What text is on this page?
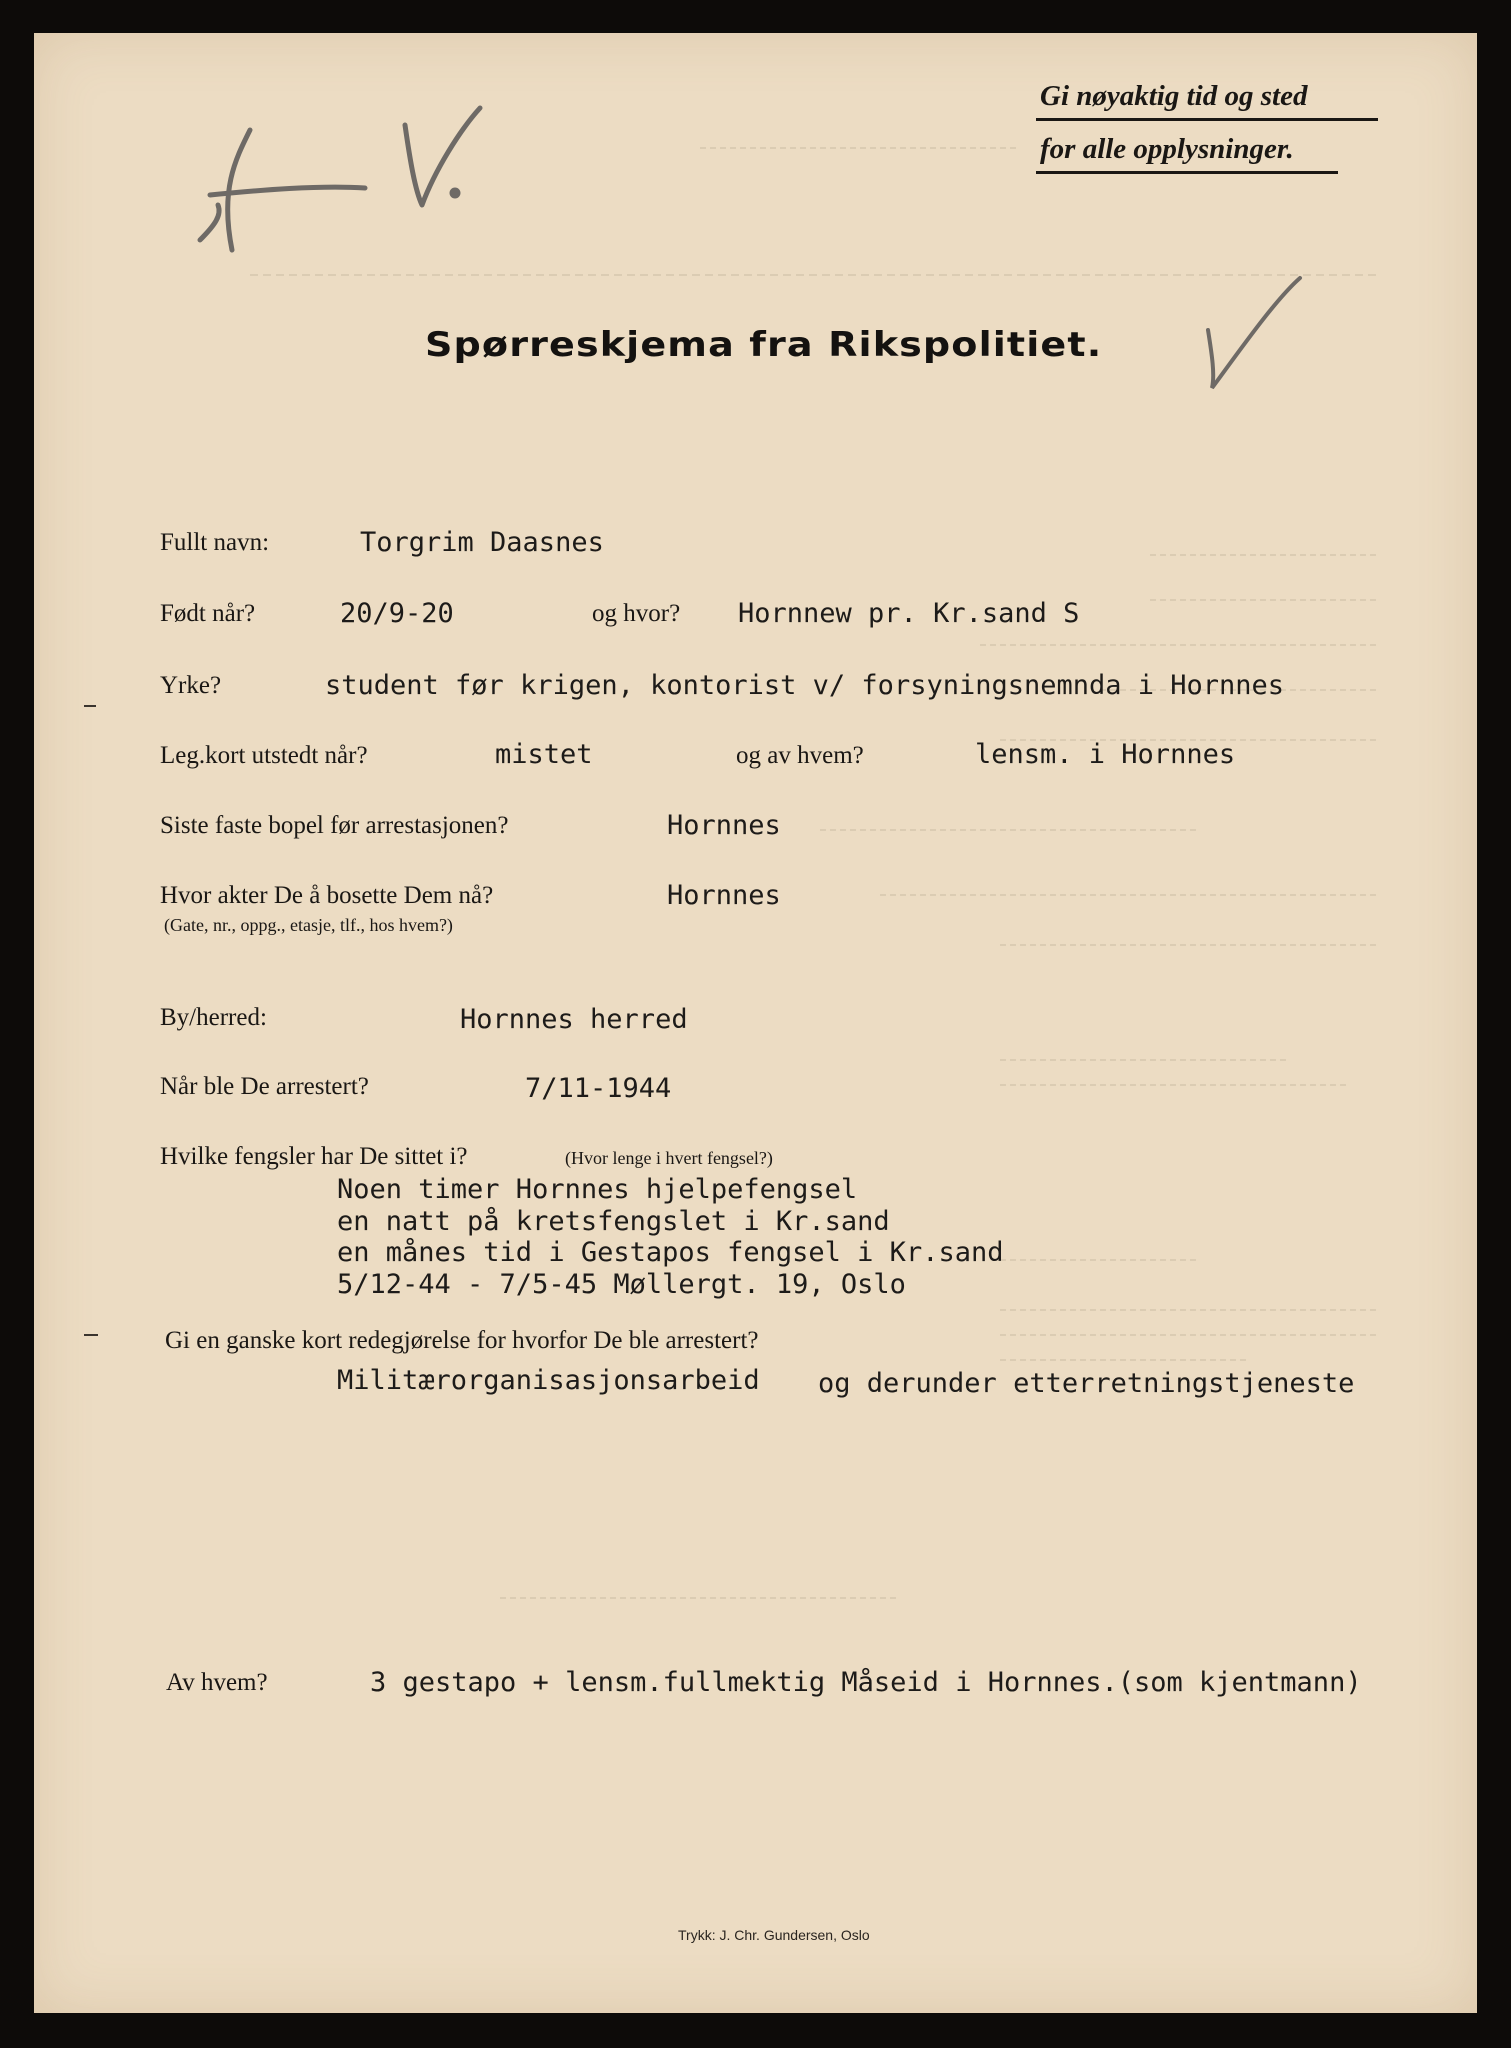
Gi nøyaktig tid og sted
for alle opplysninger.
Spørreskjema fra Rikspolitiet.
Fullt navn:	Torgrim Daasnes
Født når?	20/9-20	og hvor? Hornnew pr. Kr.sand S
Yrke?	student før krigen, kontorist v/ forsyningsnemnda i Hornnes
Leg.kort utstedt når?	mistet	og av hvem?	lensm. i Hornnes
Siste faste bopel før arrestasjonen?	Hornnes
Hvor akter De å bosette Dem nå?
(Gate, nr., oppg., etasje, tlf., hos hvem?)
Hornnes
By/herred:	Hornnes herred
Når ble De arrestert?	7/11-1944
Hvilke fengsler har De sittet i?	(Hvor lenge i hvert fengsel?)
Noen timer Hornnes hjelpefengsel
en natt på kretsfengslet i Kr.sand
en månes tid i Gestapos fengsel i Kr.sand
5/12-44 - 7/5-45 Møllergt. 19, Oslo
Gi en ganske kort redegjørelse for hvorfor De ble arrestert?
Militærorganisasjonsarbeid og derunder etterretningstjeneste
Av hvem?	3 gestapo + lensm.fullmektig Måseid i Hornnes.(som kjentmann)
Trykk: J. Chr. Gundersen, Oslo
